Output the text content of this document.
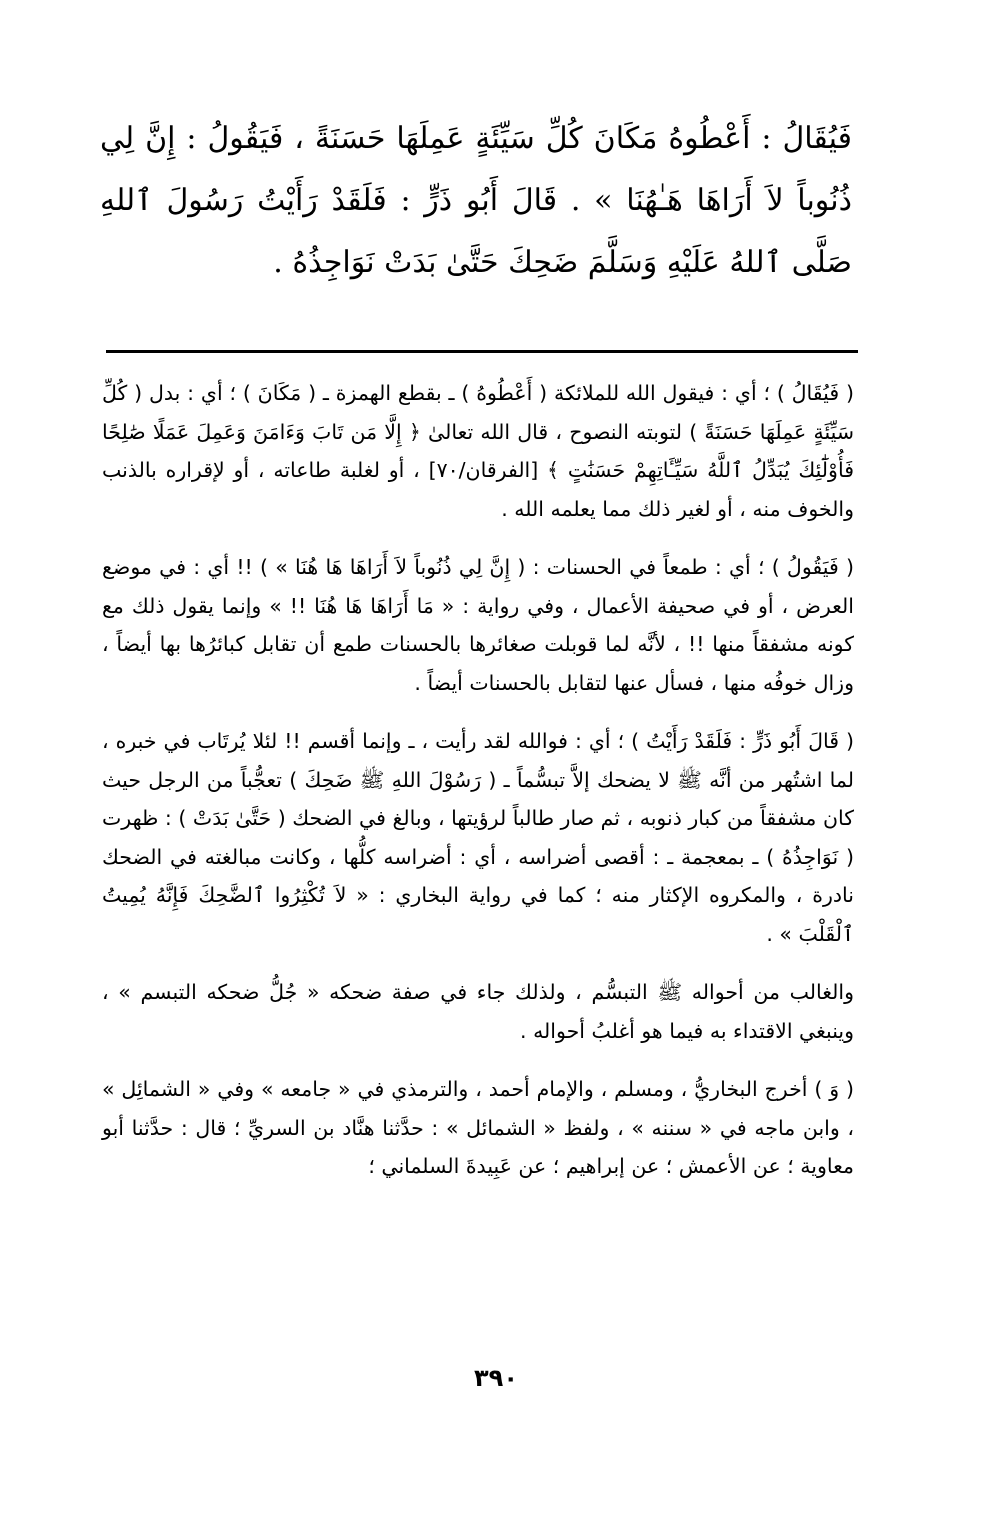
فَيُقَالُ : أَعْطُوهُ مَكَانَ كُلِّ سَيِّئَةٍ عَمِلَهَا حَسَنَةً ، فَيَقُولُ : إِنَّ لِي ذُنُوباً لاَ أَرَاهَا هَـٰهُنَا » . قَالَ أَبُو ذَرٍّ : فَلَقَدْ رَأَيْتُ رَسُولَ ٱللهِ صَلَّى ٱللهُ عَلَيْهِ وَسَلَّمَ ضَحِكَ حَتَّىٰ بَدَتْ نَوَاجِذُهُ .

( فَيُقَالُ ) ؛ أي : فيقول الله للملائكة ( أَعْطُوهُ ) ـ بقطع الهمزة ـ ( مَكَانَ ) ؛ أي : بدل ( كُلِّ سَيِّئَةٍ عَمِلَهَا حَسَنَةً ) لتوبته النصوح ، قال الله تعالىٰ ﴿ إِلَّا مَن تَابَ وَءَامَنَ وَعَمِلَ عَمَلًا صَٰلِحًا فَأُوْلَٰٓئِكَ يُبَدِّلُ ٱللَّهُ سَيِّـَٔاتِهِمْ حَسَنَٰتٍ ﴾ [الفرقان/٧٠] ، أو لغلبة طاعاته ، أو لإقراره بالذنب والخوف منه ، أو لغير ذلك مما يعلمه الله .

( فَيَقُولُ ) ؛ أي : طمعاً في الحسنات : ( إِنَّ لِي ذُنُوباً لاَ أَرَاهَا هَا هُنَا » ) !! أي : في موضع العرض ، أو في صحيفة الأعمال ، وفي رواية : « مَا أَرَاهَا هَا هُنَا !! » وإنما يقول ذلك مع كونه مشفقاً منها !! ، لأنَّه لما قوبلت صغائرها بالحسنات طمع أن تقابل كبائرُها بها أيضاً ، وزال خوفُه منها ، فسأل عنها لتقابل بالحسنات أيضاً .

( قَالَ أَبُو ذَرٍّ : فَلَقَدْ رَأَيْتُ ) ؛ أي : فوالله لقد رأيت ، ـ وإنما أقسم !! لئلا يُرتَاب في خبره ، لما اشتُهر من أنَّه ﷺ لا يضحك إلاَّ تبسُّماً ـ ( رَسُوْلَ اللهِ ﷺ ضَحِكَ ) تعجُّباً من الرجل حيث كان مشفقاً من كبار ذنوبه ، ثم صار طالباً لرؤيتها ، وبالغ في الضحك ( حَتَّىٰ بَدَتْ ) : ظهرت ( نَوَاجِذُهُ ) ـ بمعجمة ـ : أقصى أضراسه ، أي : أضراسه كلُّها ، وكانت مبالغته في الضحك نادرة ، والمكروه الإكثار منه ؛ كما في رواية البخاري : « لاَ تُكْثِرُوا ٱلضَّحِكَ فَإِنَّهُ يُمِيتُ ٱلْقَلْبَ » .

والغالب من أحواله ﷺ التبسُّم ، ولذلك جاء في صفة ضحكه « جُلُّ ضحكه التبسم » ، وينبغي الاقتداء به فيما هو أغلبُ أحواله .

( وَ ) أخرج البخاريُّ ، ومسلم ، والإمام أحمد ، والترمذي في « جامعه » وفي « الشمائِل » ، وابن ماجه في « سننه » ، ولفظ « الشمائل » : حدَّثنا هنَّاد بن السريِّ ؛ قال : حدَّثنا أبو معاوية ؛ عن الأعمش ؛ عن إبراهيم ؛ عن عَبِيدةَ السلماني ؛

٣٩٠
